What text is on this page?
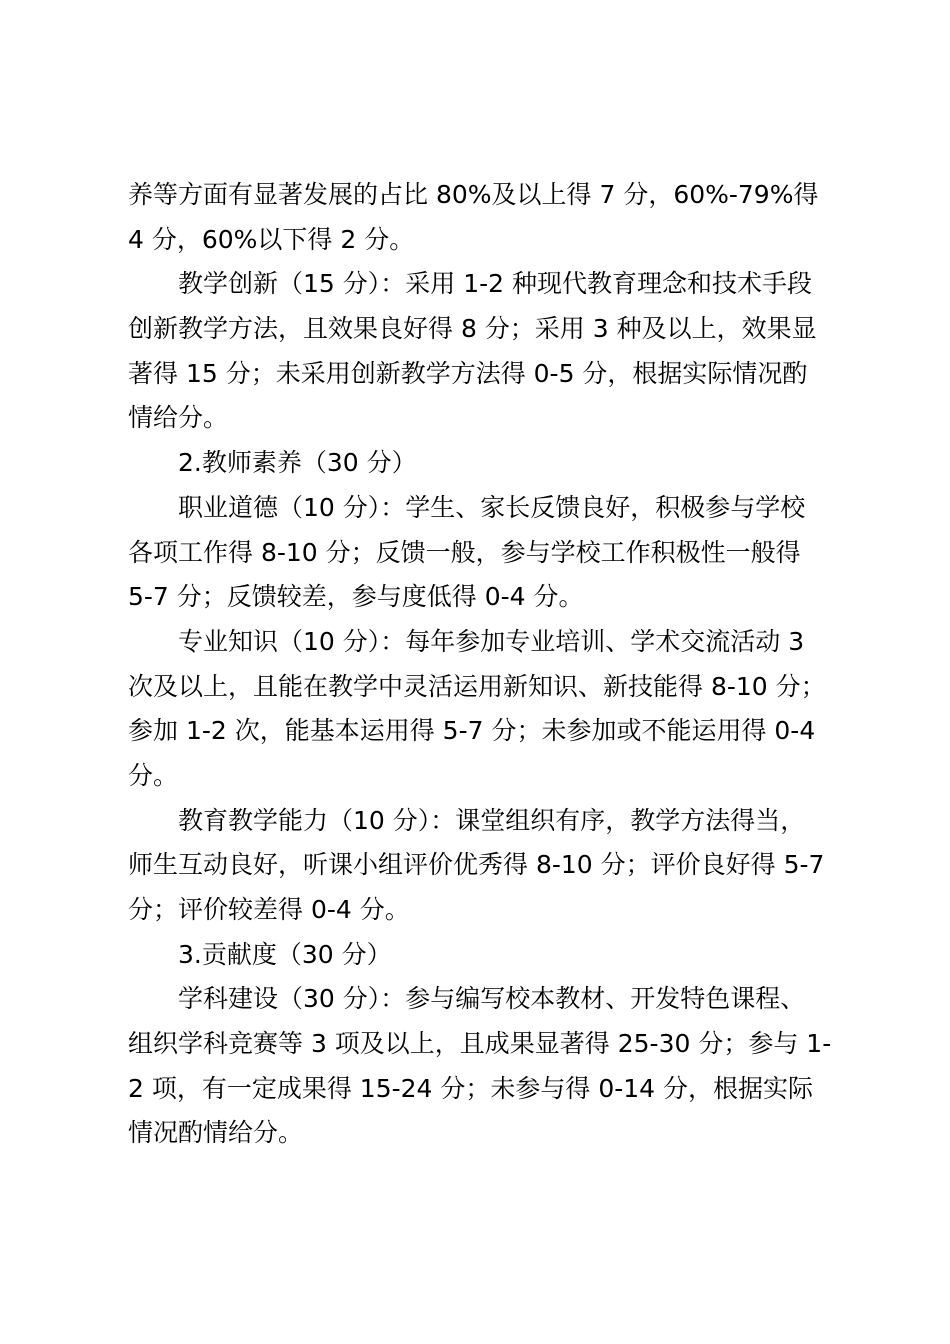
养等方面有显著发展的占比 80%及以上得 7 分，60%-79%得
4 分，60%以下得 2 分。
教学创新（15 分）：采用 1-2 种现代教育理念和技术手段
创新教学方法，且效果良好得 8 分；采用 3 种及以上，效果显
著得 15 分；未采用创新教学方法得 0-5 分，根据实际情况酌
情给分。
2.教师素养（30 分）
职业道德（10 分）：学生、家长反馈良好，积极参与学校
各项工作得 8-10 分；反馈一般，参与学校工作积极性一般得
5-7 分；反馈较差，参与度低得 0-4 分。
专业知识（10 分）：每年参加专业培训、学术交流活动 3
次及以上，且能在教学中灵活运用新知识、新技能得 8-10 分；
参加 1-2 次，能基本运用得 5-7 分；未参加或不能运用得 0-4
分。
教育教学能力（10 分）：课堂组织有序，教学方法得当，
师生互动良好，听课小组评价优秀得 8-10 分；评价良好得 5-7
分；评价较差得 0-4 分。
3.贡献度（30 分）
学科建设（30 分）：参与编写校本教材、开发特色课程、
组织学科竞赛等 3 项及以上，且成果显著得 25-30 分；参与 1-
2 项，有一定成果得 15-24 分；未参与得 0-14 分，根据实际
情况酌情给分。
